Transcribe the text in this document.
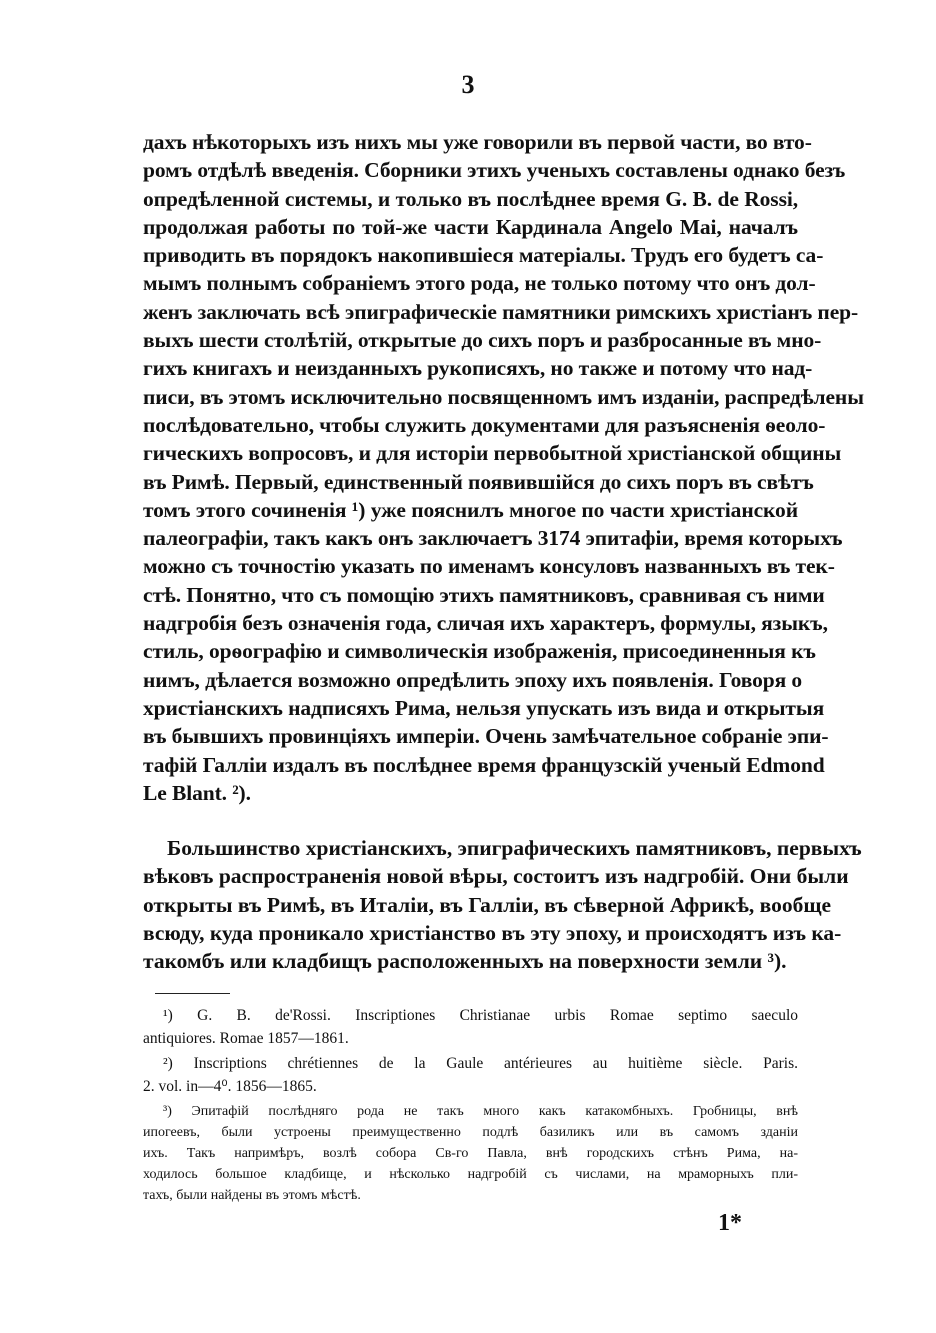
3
дахъ нѣкоторыхъ изъ нихъ мы уже говорили въ первой части, во вто-
ромъ отдѣлѣ введенія. Сборники этихъ ученыхъ составлены однако безъ
опредѣленной системы, и только въ послѣднее время G. B. de Rossi,
продолжая работы по той-же части Кардинала Angelo Mai, началъ
приводить въ порядокъ накопившіеся матеріалы. Трудъ его будетъ са-
мымъ полнымъ собраніемъ этого рода, не только потому что онъ дол-
женъ заключать всѣ эпиграфическіе памятники римскихъ христіанъ пер-
выхъ шести столѣтій, открытые до сихъ поръ и разбросанные въ мно-
гихъ книгахъ и неизданныхъ рукописяхъ, но также и потому что над-
писи, въ этомъ исключительно посвященномъ имъ изданіи, распредѣлены
послѣдовательно, чтобы служить документами для разъясненія ѳеоло-
гическихъ вопросовъ, и для исторіи первобытной христіанской общины
въ Римѣ. Первый, единственный появившійся до сихъ поръ въ свѣтъ
томъ этого сочиненія ¹) уже пояснилъ многое по части христіанской
палеографіи, такъ какъ онъ заключаетъ 3174 эпитафіи, время которыхъ
можно съ точностію указать по именамъ консуловъ названныхъ въ тек-
стѣ. Понятно, что съ помощію этихъ памятниковъ, сравнивая съ ними
надгробія безъ означенія года, сличая ихъ характеръ, формулы, языкъ,
стиль, орѳографію и символическія изображенія, присоединенныя къ
нимъ, дѣлается возможно опредѣлить эпоху ихъ появленія. Говоря о
христіанскихъ надписяхъ Рима, нельзя упускать изъ вида и открытыя
въ бывшихъ провинціяхъ имперіи. Очень замѣчательное собраніе эпи-
тафій Галліи издалъ въ послѣднее время французскій ученый Edmond
Le Blant. ²).
Большинство христіанскихъ, эпиграфическихъ памятниковъ, первыхъ
вѣковъ распространенія новой вѣры, состоитъ изъ надгробій. Они были
открыты въ Римѣ, въ Италіи, въ Галліи, въ сѣверной Африкѣ, вообще
всюду, куда проникало христіанство въ эту эпоху, и происходятъ изъ ка-
такомбъ или кладбищъ расположенныхъ на поверхности земли ³).
¹) G. B. de'Rossi. Inscriptiones Christianae urbis Romae septimo saeculo
antiquiores. Romae 1857—1861.
²) Inscriptions chrétiennes de la Gaule antérieures au huitième siècle. Paris.
2. vol. in—4⁰. 1856—1865.
³) Эпитафій послѣдняго рода не такъ много какъ катакомбныхъ. Гробницы, внѣ
ипогеевъ, были устроены преимущественно подлѣ базиликъ или въ самомъ зданіи
ихъ. Такъ напримѣръ, возлѣ собора Св-го Павла, внѣ городскихъ стѣнъ Рима, на-
ходилось большое кладбище, и нѣсколько надгробій съ числами, на мраморныхъ пли-
тахъ, были найдены въ этомъ мѣстѣ.
1*
